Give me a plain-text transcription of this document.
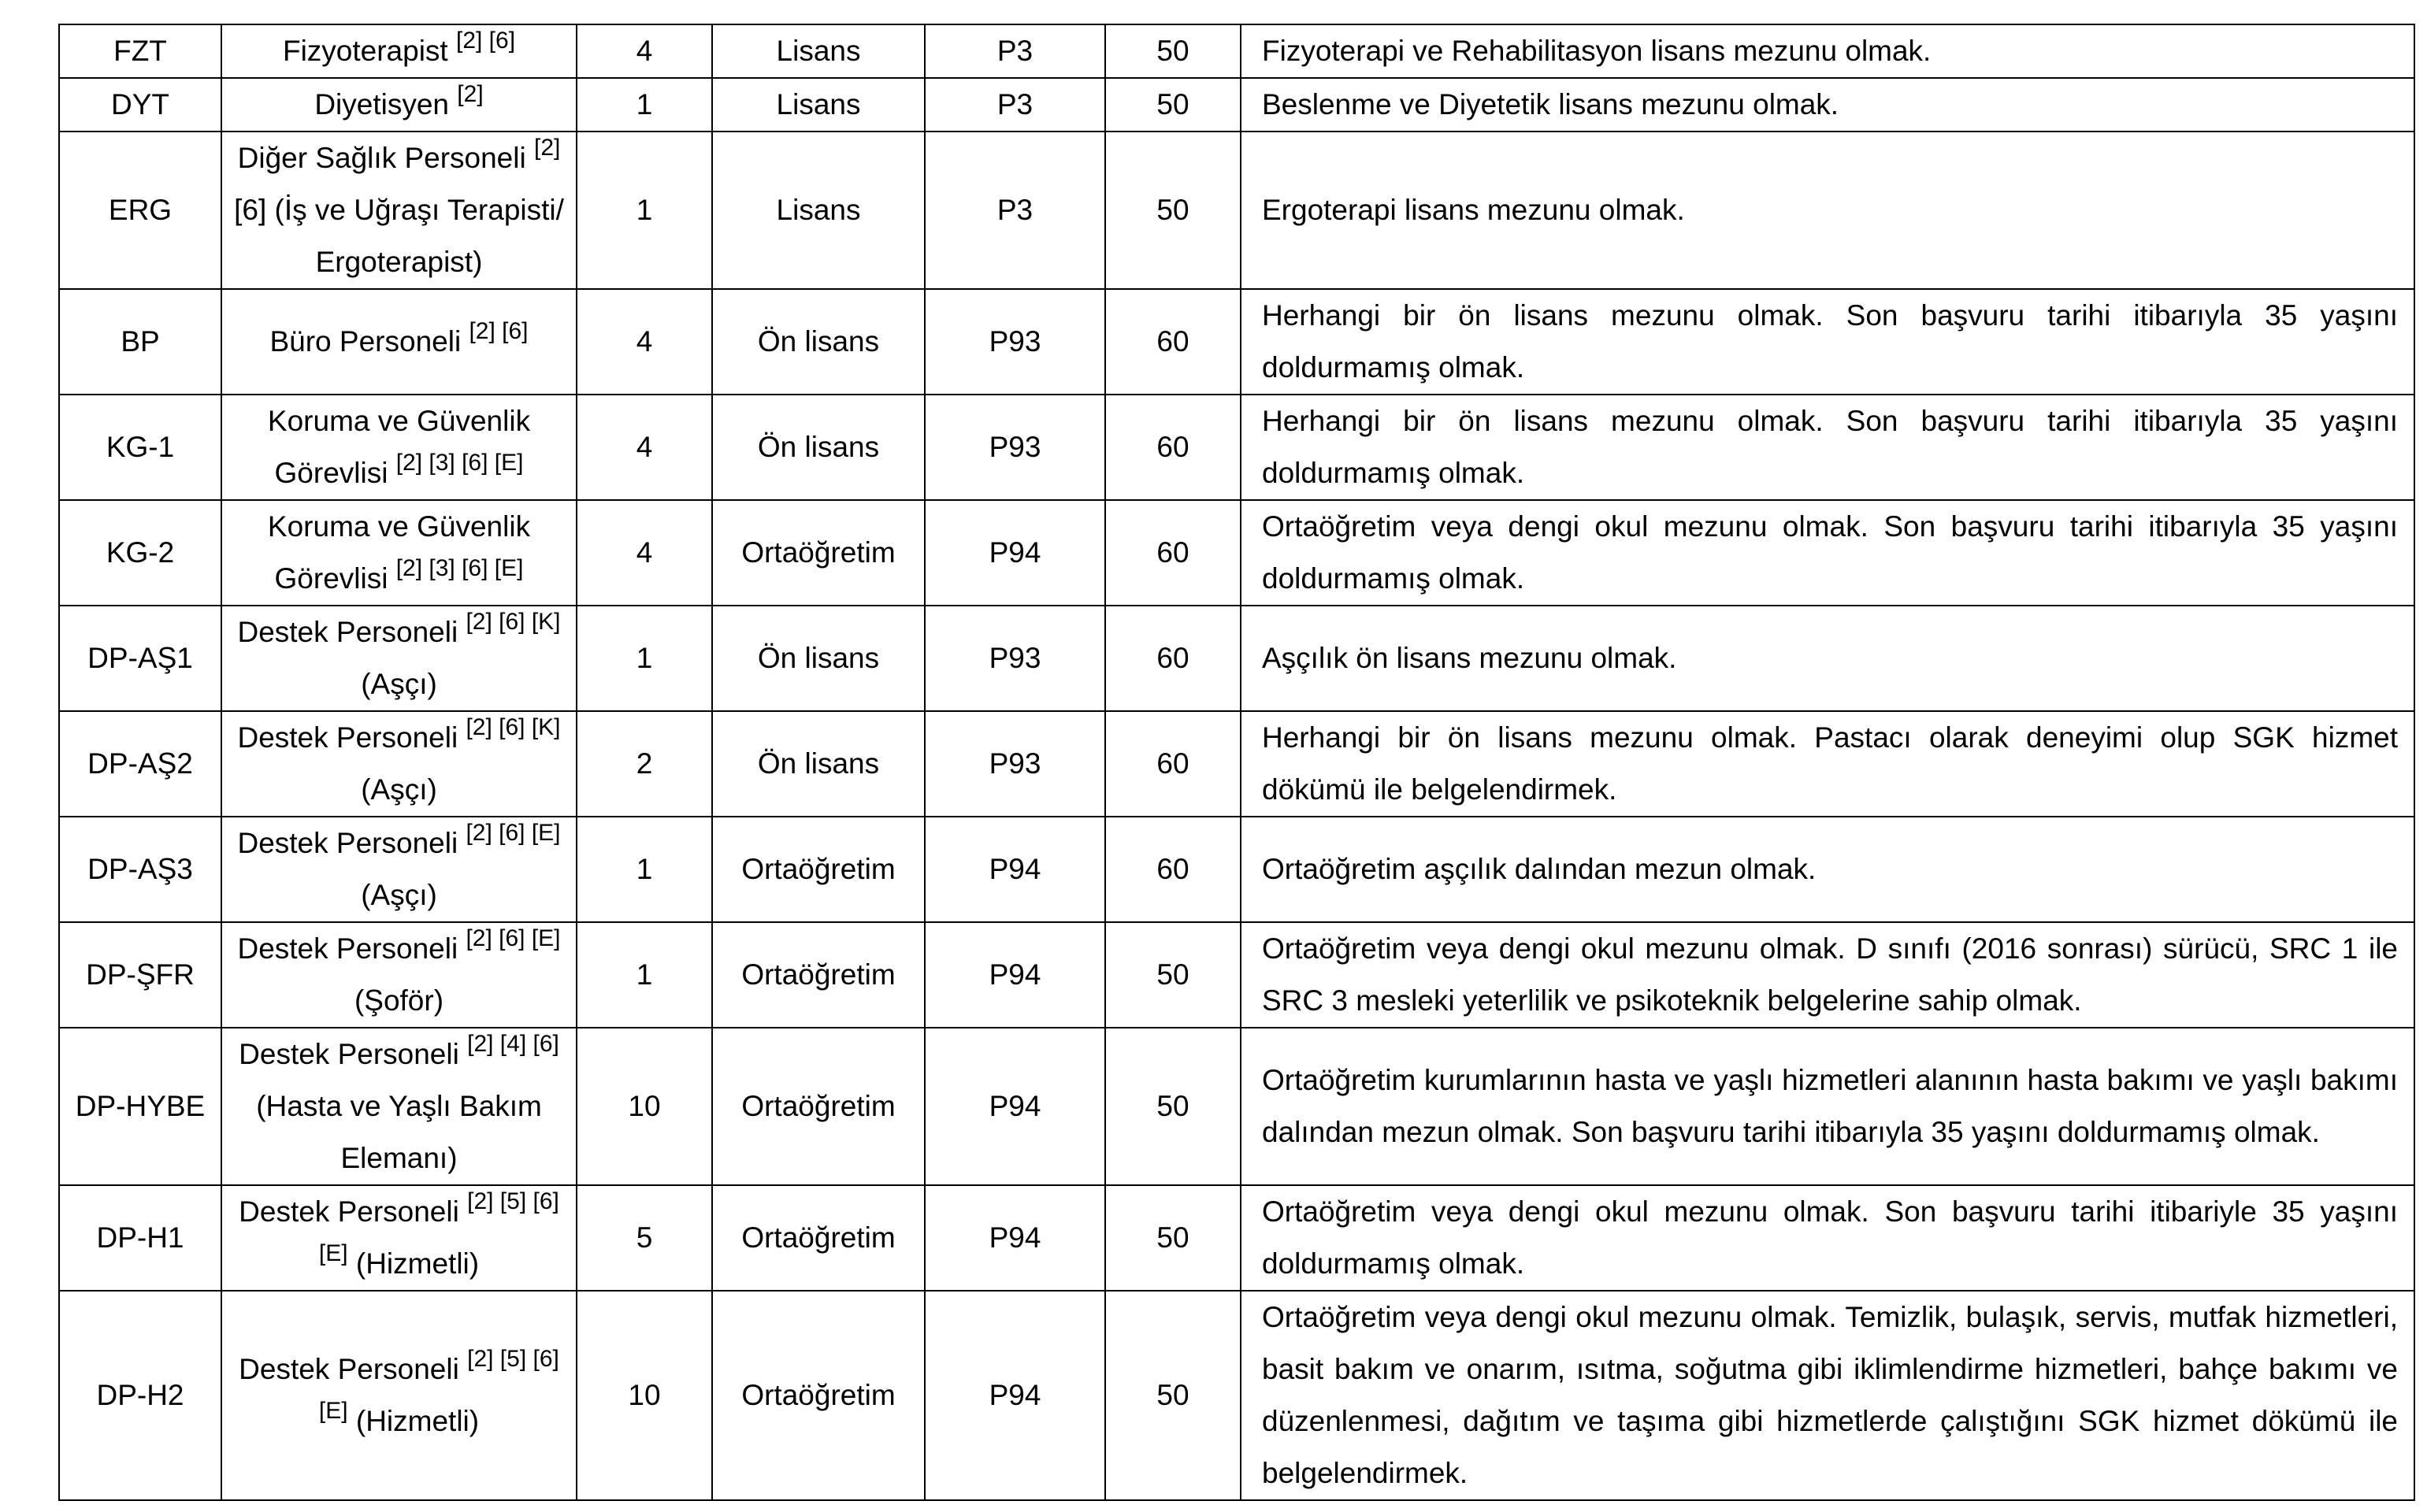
FZT	Fizyoterapist [2] [6]	4	Lisans	P3	50	Fizyoterapi ve Rehabilitasyon lisans mezunu olmak.
DYT	Diyetisyen [2]	1	Lisans	P3	50	Beslenme ve Diyetetik lisans mezunu olmak.
ERG	Diğer Sağlık Personeli [2] [6] (İş ve Uğraşı Terapisti/ Ergoterapist)	1	Lisans	P3	50	Ergoterapi lisans mezunu olmak.
BP	Büro Personeli [2] [6]	4	Ön lisans	P93	60	Herhangi bir ön lisans mezunu olmak. Son başvuru tarihi itibarıyla 35 yaşını doldurmamış olmak.
KG-1	Koruma ve Güvenlik Görevlisi [2] [3] [6] [E]	4	Ön lisans	P93	60	Herhangi bir ön lisans mezunu olmak. Son başvuru tarihi itibarıyla 35 yaşını doldurmamış olmak.
KG-2	Koruma ve Güvenlik Görevlisi [2] [3] [6] [E]	4	Ortaöğretim	P94	60	Ortaöğretim veya dengi okul mezunu olmak. Son başvuru tarihi itibarıyla 35 yaşını doldurmamış olmak.
DP-AŞ1	Destek Personeli [2] [6] [K] (Aşçı)	1	Ön lisans	P93	60	Aşçılık ön lisans mezunu olmak.
DP-AŞ2	Destek Personeli [2] [6] [K] (Aşçı)	2	Ön lisans	P93	60	Herhangi bir ön lisans mezunu olmak. Pastacı olarak deneyimi olup SGK hizmet dökümü ile belgelendirmek.
DP-AŞ3	Destek Personeli [2] [6] [E] (Aşçı)	1	Ortaöğretim	P94	60	Ortaöğretim aşçılık dalından mezun olmak.
DP-ŞFR	Destek Personeli [2] [6] [E] (Şoför)	1	Ortaöğretim	P94	50	Ortaöğretim veya dengi okul mezunu olmak. D sınıfı (2016 sonrası) sürücü, SRC 1 ile SRC 3 mesleki yeterlilik ve psikoteknik belgelerine sahip olmak.
DP-HYBE	Destek Personeli [2] [4] [6] (Hasta ve Yaşlı Bakım Elemanı)	10	Ortaöğretim	P94	50	Ortaöğretim kurumlarının hasta ve yaşlı hizmetleri alanının hasta bakımı ve yaşlı bakımı dalından mezun olmak. Son başvuru tarihi itibarıyla 35 yaşını doldurmamış olmak.
DP-H1	Destek Personeli [2] [5] [6] [E] (Hizmetli)	5	Ortaöğretim	P94	50	Ortaöğretim veya dengi okul mezunu olmak. Son başvuru tarihi itibariyle 35 yaşını doldurmamış olmak.
DP-H2	Destek Personeli [2] [5] [6] [E] (Hizmetli)	10	Ortaöğretim	P94	50	Ortaöğretim veya dengi okul mezunu olmak. Temizlik, bulaşık, servis, mutfak hizmetleri, basit bakım ve onarım, ısıtma, soğutma gibi iklimlendirme hizmetleri, bahçe bakımı ve düzenlenmesi, dağıtım ve taşıma gibi hizmetlerde çalıştığını SGK hizmet dökümü ile belgelendirmek.
